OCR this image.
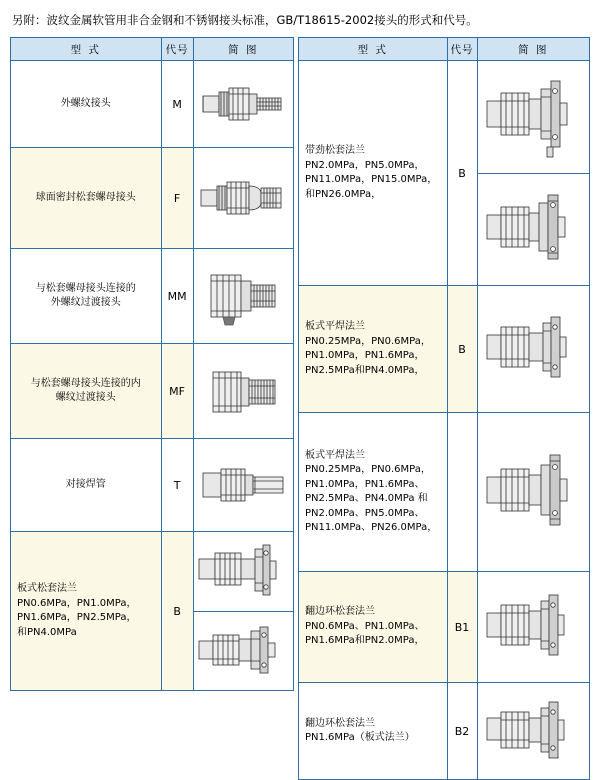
另附：波纹金属软管用非合金钢和不锈钢接头标准，GB/T18615-2002接头的形式和代号。
型 式	代号	简 图
外螺纹接头	M	

球面密封松套螺母接头	F	

与松套螺母接头连接的
外螺纹过渡接头	MM	

与松套螺母接头连接的内
螺纹过渡接头	MF	

对接焊管	T	

板式松套法兰
PN0.6MPa，PN1.0MPa，
PN1.6MPa，PN2.5MPa，
和PN4.0MPa	B	

型 式	代号	简 图
带劲松套法兰
PN2.0MPa，PN5.0MPa，
PN11.0MPa，PN15.0MPa，
和PN26.0MPa，	B	

板式平焊法兰
PN0.25MPa，PN0.6MPa，
PN1.0MPa，PN1.6MPa，
PN2.5MPa和PN4.0MPa，	B	

板式平焊法兰
PN0.25MPa，PN0.6MPa，
PN1.0MPa，PN1.6MPa、
PN2.5MPa、PN4.0MPa 和
PN2.0MPa、PN5.0MPa、
PN11.0MPa、PN26.0MPa，		

翻边环松套法兰
PN0.6MPa、PN1.0MPa、
PN1.6MPa和PN2.0MPa，	B1	

翻边环松套法兰
PN1.6MPa（板式法兰）	B2	
